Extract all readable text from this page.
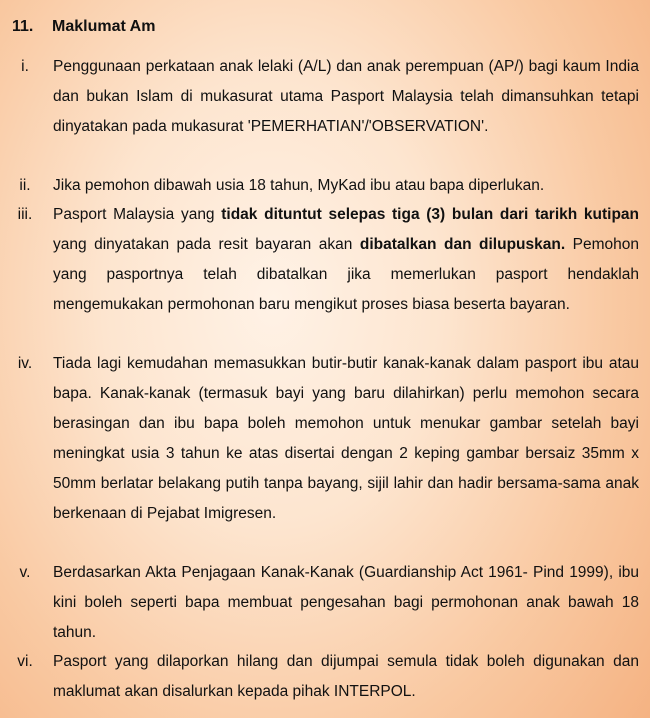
11. Maklumat Am
i.	Penggunaan perkataan anak lelaki (A/L) dan anak perempuan (AP/) bagi kaum India dan bukan Islam di mukasurat utama Pasport Malaysia telah dimansuhkan tetapi dinyatakan pada mukasurat 'PEMERHATIAN'/'OBSERVATION'.
ii.	Jika pemohon dibawah usia 18 tahun, MyKad ibu atau bapa diperlukan.
iii.	Pasport Malaysia yang tidak dituntut selepas tiga (3) bulan dari tarikh kutipan yang dinyatakan pada resit bayaran akan dibatalkan dan dilupuskan. Pemohon yang pasportnya telah dibatalkan jika memerlukan pasport hendaklah mengemukakan permohonan baru mengikut proses biasa beserta bayaran.
iv.	Tiada lagi kemudahan memasukkan butir-butir kanak-kanak dalam pasport ibu atau bapa. Kanak-kanak (termasuk bayi yang baru dilahirkan) perlu memohon secara berasingan dan ibu bapa boleh memohon untuk menukar gambar setelah bayi meningkat usia 3 tahun ke atas disertai dengan 2 keping gambar bersaiz 35mm x 50mm berlatar belakang putih tanpa bayang, sijil lahir dan hadir bersama-sama anak berkenaan di Pejabat Imigresen.
v.	Berdasarkan Akta Penjagaan Kanak-Kanak (Guardianship Act 1961- Pind 1999), ibu kini boleh seperti bapa membuat pengesahan bagi permohonan anak bawah 18 tahun.
vi.	Pasport yang dilaporkan hilang dan dijumpai semula tidak boleh digunakan dan maklumat akan disalurkan kepada pihak INTERPOL.
